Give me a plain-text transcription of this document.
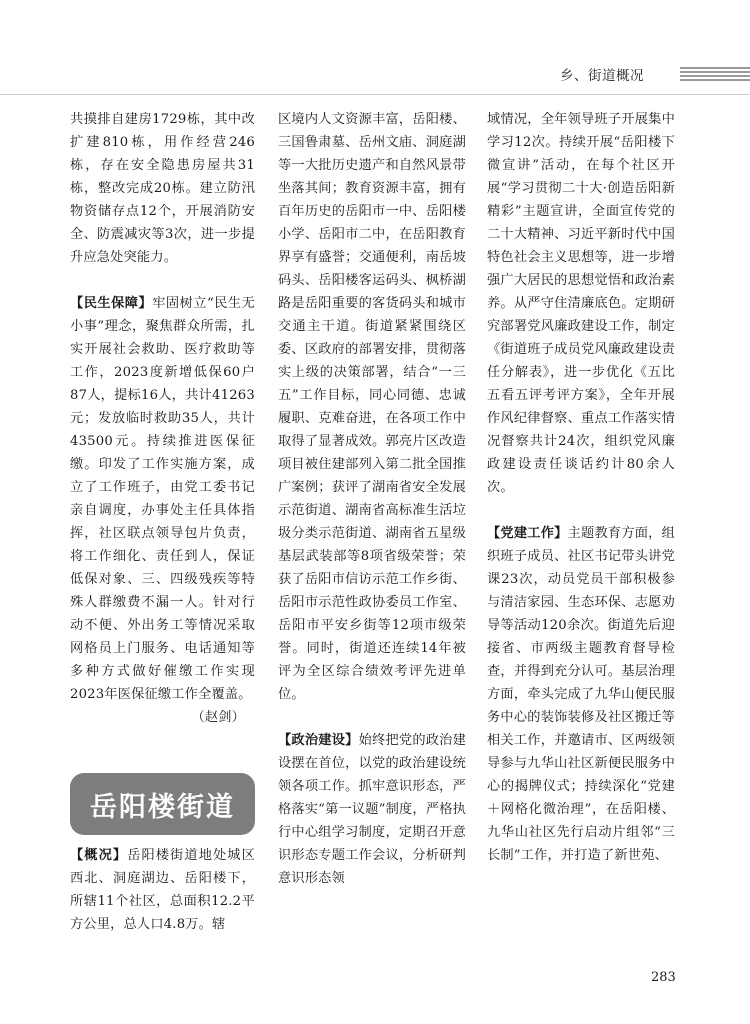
乡、街道概况

共摸排自建房1729栋，其中改扩建810栋，用作经营246栋，存在安全隐患房屋共31栋，整改完成20栋。建立防汛物资储存点12个，开展消防安全、防震减灾等3次，进一步提升应急处突能力。

【民生保障】牢固树立“民生无小事”理念，聚焦群众所需，扎实开展社会救助、医疗救助等工作，2023度新增低保60户87人，提标16人，共计41263元；发放临时救助35人，共计43500元。持续推进医保征缴。印发了工作实施方案，成立了工作班子，由党工委书记亲自调度，办事处主任具体指挥，社区联点领导包片负责，将工作细化、责任到人，保证低保对象、三、四级残疾等特殊人群缴费不漏一人。针对行动不便、外出务工等情况采取网格员上门服务、电话通知等多种方式做好催缴工作实现2023年医保征缴工作全覆盖。

（赵剑）

岳阳楼街道

【概况】岳阳楼街道地处城区西北、洞庭湖边、岳阳楼下，所辖11个社区，总面积12.2平方公里，总人口4.8万。辖

区境内人文资源丰富，岳阳楼、三国鲁肃墓、岳州文庙、洞庭湖等一大批历史遗产和自然风景带坐落其间；教育资源丰富，拥有百年历史的岳阳市一中、岳阳楼小学、岳阳市二中，在岳阳教育界享有盛誉；交通便利，南岳坡码头、岳阳楼客运码头、枫桥湖路是岳阳重要的客货码头和城市交通主干道。街道紧紧围绕区委、区政府的部署安排，贯彻落实上级的决策部署，结合“一三五”工作目标，同心同德、忠诚履职、克难奋进，在各项工作中取得了显著成效。郭亮片区改造项目被住建部列入第二批全国推广案例；获评了湖南省安全发展示范街道、湖南省高标准生活垃圾分类示范街道、湖南省五星级基层武装部等8项省级荣誉；荣获了岳阳市信访示范工作乡街、岳阳市示范性政协委员工作室、岳阳市平安乡街等12项市级荣誉。同时，街道还连续14年被评为全区综合绩效考评先进单位。

【政治建设】始终把党的政治建设摆在首位，以党的政治建设统领各项工作。抓牢意识形态，严格落实“第一议题”制度，严格执行中心组学习制度，定期召开意识形态专题工作会议，分析研判意识形态领

域情况，全年领导班子开展集中学习12次。持续开展“岳阳楼下微宣讲”活动，在每个社区开展“学习贯彻二十大·创造岳阳新精彩”主题宣讲，全面宣传党的二十大精神、习近平新时代中国特色社会主义思想等，进一步增强广大居民的思想觉悟和政治素养。从严守住清廉底色。定期研究部署党风廉政建设工作，制定《街道班子成员党风廉政建设责任分解表》，进一步优化《五比五看五评考评方案》，全年开展作风纪律督察、重点工作落实情况督察共计24次，组织党风廉政建设责任谈话约计80余人次。

【党建工作】主题教育方面，组织班子成员、社区书记带头讲党课23次，动员党员干部积极参与清洁家园、生态环保、志愿劝导等活动120余次。街道先后迎接省、市两级主题教育督导检查，并得到充分认可。基层治理方面，牵头完成了九华山便民服务中心的装饰装修及社区搬迁等相关工作，并邀请市、区两级领导参与九华山社区新便民服务中心的揭牌仪式；持续深化“党建＋网格化微治理”，在岳阳楼、九华山社区先行启动片组邻“三长制”工作，并打造了新世苑、

283
